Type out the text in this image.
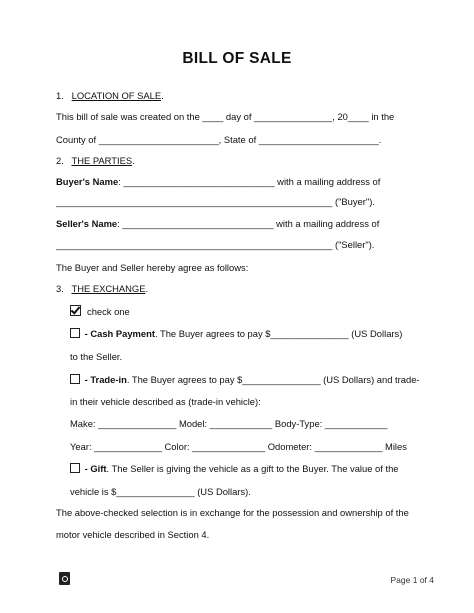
BILL OF SALE
1. LOCATION OF SALE.
This bill of sale was created on the ____ day of _______________, 20____ in the
County of _______________________, State of _______________________.
2. THE PARTIES.
Buyer's Name: _____________________________ with a mailing address of
_____________________________________________________ ("Buyer").
Seller's Name: _____________________________ with a mailing address of
_____________________________________________________ ("Seller").
The Buyer and Seller hereby agree as follows:
3. THE EXCHANGE.
check one
- Cash Payment. The Buyer agrees to pay $_______________ (US Dollars)
to the Seller.
- Trade-in. The Buyer agrees to pay $_______________ (US Dollars) and trade-
in their vehicle described as (trade-in vehicle):
Make: _______________ Model: ____________ Body-Type: ____________
Year: _____________ Color: ______________ Odometer: _____________ Miles
- Gift. The Seller is giving the vehicle as a gift to the Buyer. The value of the
vehicle is $_______________ (US Dollars).
The above-checked selection is in exchange for the possession and ownership of the
motor vehicle described in Section 4.
Page 1 of 4
